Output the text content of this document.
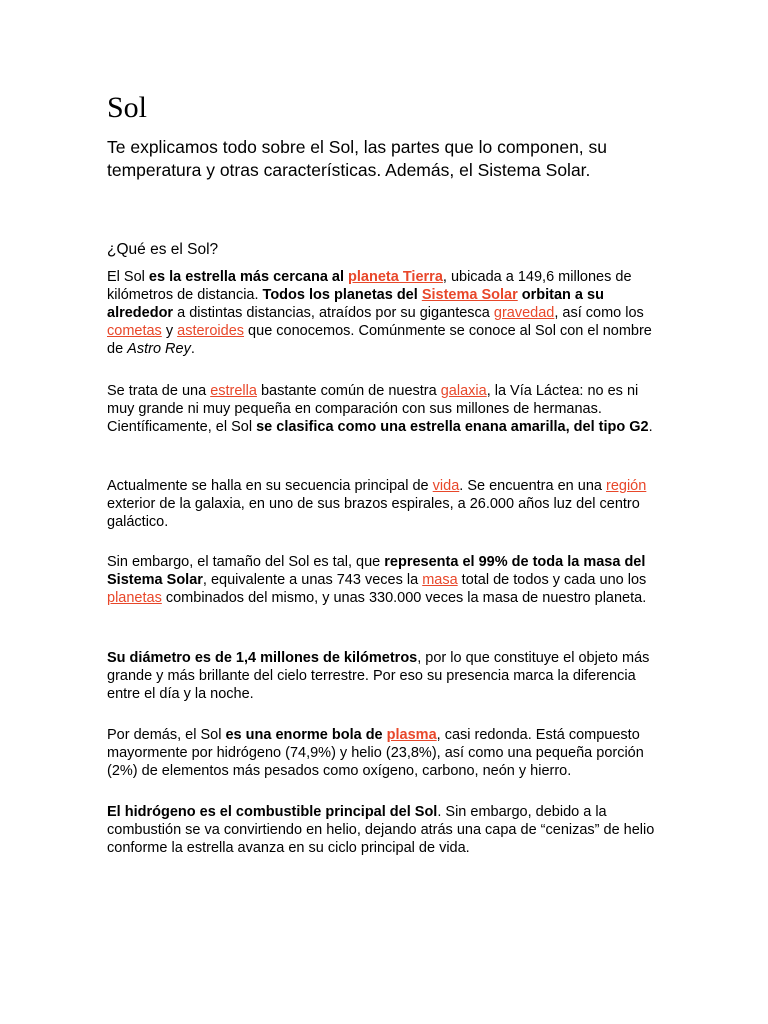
Sol

Te explicamos todo sobre el Sol, las partes que lo componen, su temperatura y otras características. Además, el Sistema Solar.

¿Qué es el Sol?

El Sol es la estrella más cercana al planeta Tierra, ubicada a 149,6 millones de kilómetros de distancia. Todos los planetas del Sistema Solar orbitan a su alrededor a distintas distancias, atraídos por su gigantesca gravedad, así como los cometas y asteroides que conocemos. Comúnmente se conoce al Sol con el nombre de Astro Rey.

Se trata de una estrella bastante común de nuestra galaxia, la Vía Láctea: no es ni muy grande ni muy pequeña en comparación con sus millones de hermanas. Científicamente, el Sol se clasifica como una estrella enana amarilla, del tipo G2.

Actualmente se halla en su secuencia principal de vida. Se encuentra en una región exterior de la galaxia, en uno de sus brazos espirales, a 26.000 años luz del centro galáctico.

Sin embargo, el tamaño del Sol es tal, que representa el 99% de toda la masa del Sistema Solar, equivalente a unas 743 veces la masa total de todos y cada uno los planetas combinados del mismo, y unas 330.000 veces la masa de nuestro planeta.

Su diámetro es de 1,4 millones de kilómetros, por lo que constituye el objeto más grande y más brillante del cielo terrestre. Por eso su presencia marca la diferencia entre el día y la noche.

Por demás, el Sol es una enorme bola de plasma, casi redonda. Está compuesto mayormente por hidrógeno (74,9%) y helio (23,8%), así como una pequeña porción (2%) de elementos más pesados como oxígeno, carbono, neón y hierro.

El hidrógeno es el combustible principal del Sol. Sin embargo, debido a la combustión se va convirtiendo en helio, dejando atrás una capa de “cenizas” de helio conforme la estrella avanza en su ciclo principal de vida.
